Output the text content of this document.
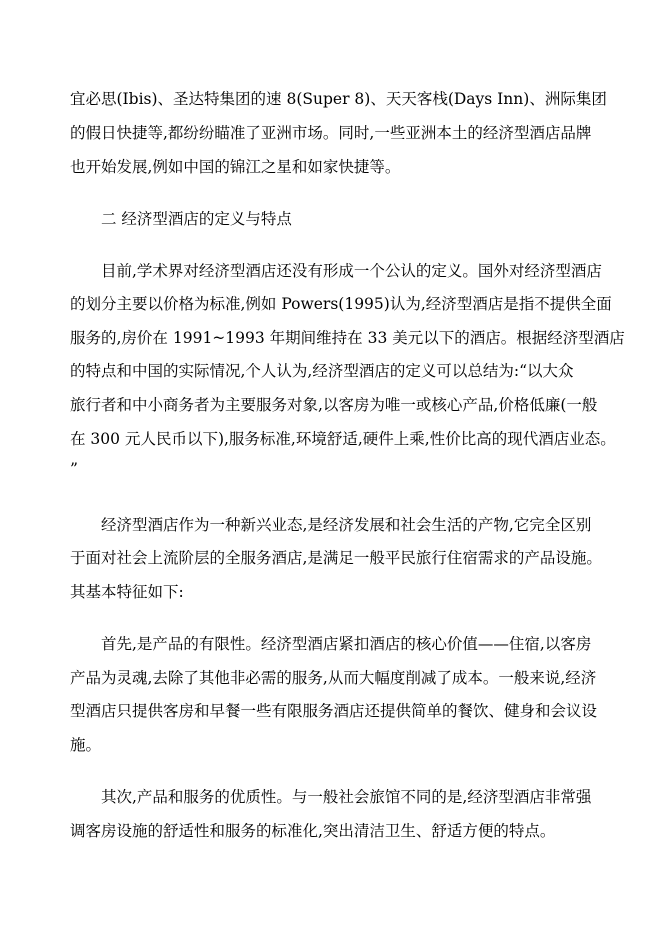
宜必思(Ibis)、圣达特集团的速 8(Super 8)、天天客栈(Days Inn)、洲际集团
的假日快捷等,都纷纷瞄准了亚洲市场。同时,一些亚洲本土的经济型酒店品牌
也开始发展,例如中国的锦江之星和如家快捷等。
二 经济型酒店的定义与特点
目前,学术界对经济型酒店还没有形成一个公认的定义。国外对经济型酒店
的划分主要以价格为标准,例如 Powers(1995)认为,经济型酒店是指不提供全面
服务的,房价在 1991~1993 年期间维持在 33 美元以下的酒店。根据经济型酒店
的特点和中国的实际情况,个人认为,经济型酒店的定义可以总结为:“以大众
旅行者和中小商务者为主要服务对象,以客房为唯一或核心产品,价格低廉(一般
在 300 元人民币以下),服务标准,环境舒适,硬件上乘,性价比高的现代酒店业态。
”
经济型酒店作为一种新兴业态,是经济发展和社会生活的产物,它完全区别
于面对社会上流阶层的全服务酒店,是满足一般平民旅行住宿需求的产品设施。
其基本特征如下:
首先,是产品的有限性。经济型酒店紧扣酒店的核心价值——住宿,以客房
产品为灵魂,去除了其他非必需的服务,从而大幅度削减了成本。一般来说,经济
型酒店只提供客房和早餐一些有限服务酒店还提供简单的餐饮、健身和会议设
施。
其次,产品和服务的优质性。与一般社会旅馆不同的是,经济型酒店非常强
调客房设施的舒适性和服务的标准化,突出清洁卫生、舒适方便的特点。
